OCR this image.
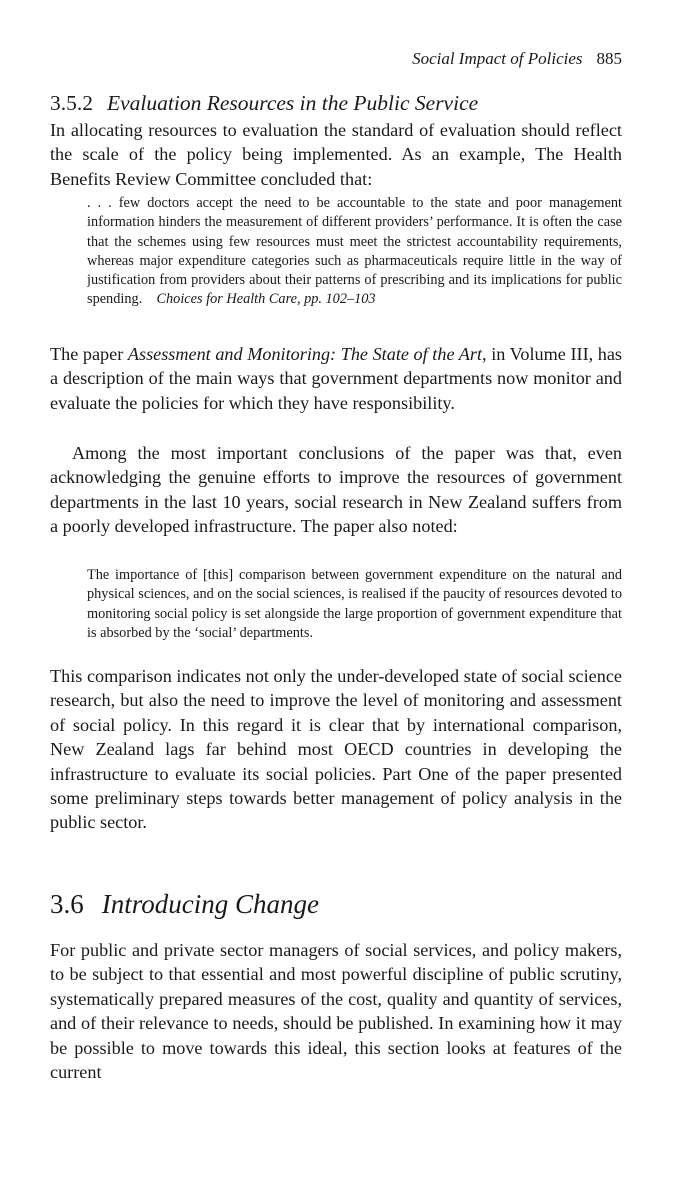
Social Impact of Policies 885
3.5.2 Evaluation Resources in the Public Service

In allocating resources to evaluation the standard of evaluation should reflect the scale of the policy being implemented. As an example, The Health Benefits Review Committee concluded that:

. . . few doctors accept the need to be accountable to the state and poor management information hinders the measurement of different providers’ performance. It is often the case that the schemes using few resources must meet the strictest accountability requirements, whereas major expenditure categories such as pharmaceuticals require little in the way of justification from providers about their patterns of prescribing and its implications for public spending. Choices for Health Care, pp. 102–103

The paper Assessment and Monitoring: The State of the Art, in Volume III, has a description of the main ways that government departments now monitor and evaluate the policies for which they have responsibility.

Among the most important conclusions of the paper was that, even acknowledging the genuine efforts to improve the resources of government departments in the last 10 years, social research in New Zealand suffers from a poorly developed infrastructure. The paper also noted:

The importance of [this] comparison between government expenditure on the natural and physical sciences, and on the social sciences, is realised if the paucity of resources devoted to monitoring social policy is set alongside the large proportion of government expenditure that is absorbed by the ‘social’ departments.

This comparison indicates not only the under-developed state of social science research, but also the need to improve the level of monitoring and assessment of social policy. In this regard it is clear that by international comparison, New Zealand lags far behind most OECD countries in developing the infrastructure to evaluate its social policies. Part One of the paper presented some preliminary steps towards better management of policy analysis in the public sector.

3.6 Introducing Change

For public and private sector managers of social services, and policy makers, to be subject to that essential and most powerful discipline of public scrutiny, systematically prepared measures of the cost, quality and quantity of services, and of their relevance to needs, should be published. In examining how it may be possible to move towards this ideal, this section looks at features of the current
